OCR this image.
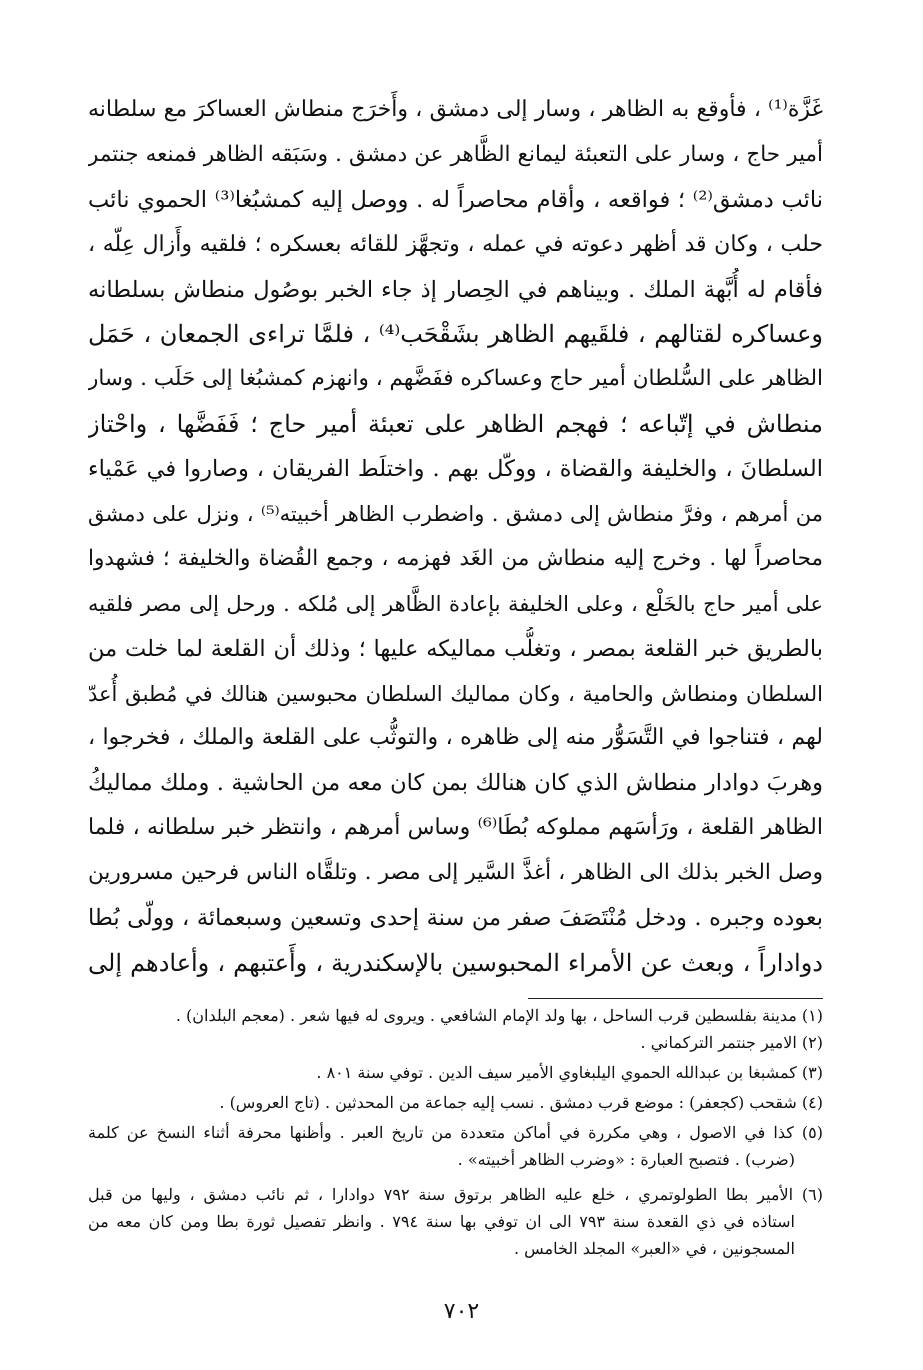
غَزَّة⁽¹⁾ ، فأوقع به الظاهر ، وسار إلى دمشق ، وأَخرَج منطاش العساكرَ مع سلطانه
أمير حاج ، وسار على التعبئة ليمانع الظَّاهر عن دمشق . وسَبَقه الظاهر فمنعه جنتمر
نائب دمشق⁽²⁾ ؛ فواقعه ، وأقام محاصراً له . ووصل إليه كمشبُغا⁽³⁾ الحموي نائب
حلب ، وكان قد أظهر دعوته في عمله ، وتجهَّز للقائه بعسكره ؛ فلقيه وأَزال عِلّه ،
فأقام له أُبَّهة الملك . وبيناهم في الحِصار إذ جاء الخبر بوصُول منطاش بسلطانه
وعساكره لقتالهم ، فلقَيهم الظاهر بشَقْحَب⁽⁴⁾ ، فلمَّا تراءى الجمعان ، حَمَل
الظاهر على السُّلطان أمير حاج وعساكره ففَضَّهم ، وانهزم كمشبُغا إلى حَلَب . وسار
منطاش في إتّباعه ؛ فهجم الظاهر على تعبئة أمير حاج ؛ فَفَضَّها ، واحْتاز
السلطانَ ، والخليفة والقضاة ، ووكّل بهم . واختلَط الفريقان ، وصاروا في عَمْياء
من أمرهم ، وفرَّ منطاش إلى دمشق . واضطرب الظاهر أخبيته⁽⁵⁾ ، ونزل على دمشق
محاصراً لها . وخرج إليه منطاش من الغَد فهزمه ، وجمع القُضاة والخليفة ؛ فشهدوا
على أمير حاج بالخَلْع ، وعلى الخليفة بإعادة الظَّاهر إلى مُلكه . ورحل إلى مصر فلقيه
بالطريق خبر القلعة بمصر ، وتغلُّب مماليكه عليها ؛ وذلك أن القلعة لما خلت من
السلطان ومنطاش والحامية ، وكان مماليك السلطان محبوسين هنالك في مُطبق أُعدّ
لهم ، فتناجوا في التَّسَوُّر منه إلى ظاهره ، والتوثُّب على القلعة والملك ، فخرجوا ،
وهربَ دوادار منطاش الذي كان هنالك بمن كان معه من الحاشية . وملك مماليكُ
الظاهر القلعة ، ورَأسَهم مملوكه بُطَا⁽⁶⁾ وساس أمرهم ، وانتظر خبر سلطانه ، فلما
وصل الخبر بذلك الى الظاهر ، أغذَّ السَّير إلى مصر . وتلقَّاه الناس فرحين مسرورين
بعوده وجبره . ودخل مُنْتَصَفَ صفر من سنة إحدى وتسعين وسبعمائة ، وولّى بُطا
دواداراً ، وبعث عن الأمراء المحبوسين بالإسكندرية ، وأَعتبهم ، وأعادهم إلى
(١) مدينة بفلسطين قرب الساحل ، بها ولد الإمام الشافعي . ويروى له فيها شعر . (معجم البلدان) .
(٢) الامير جنتمر التركماني .
(٣) كمشبغا بن عبدالله الحموي اليلبغاوي الأمير سيف الدين . توفي سنة ٨٠١ .
(٤) شقحب (كجعفر) : موضع قرب دمشق . نسب إليه جماعة من المحدثين . (تاج العروس) .
(٥) كذا في الاصول ، وهي مكررة في أماكن متعددة من تاريخ العبر . وأظنها محرفة أثناء النسخ عن كلمة
(ضرب) . فتصبح العبارة : «وضرب الظاهر أخبيته» .
(٦) الأمير بطا الطولوتمري ، خلع عليه الظاهر برتوق سنة ٧٩٢ دوادارا ، ثم نائب دمشق ، وليها من قبل
استاذه في ذي القعدة سنة ٧٩٣ الى ان توفي بها سنة ٧٩٤ . وانظر تفصيل ثورة بطا ومن كان معه من
المسجونين ، في «العبر» المجلد الخامس .
٧٠٢
